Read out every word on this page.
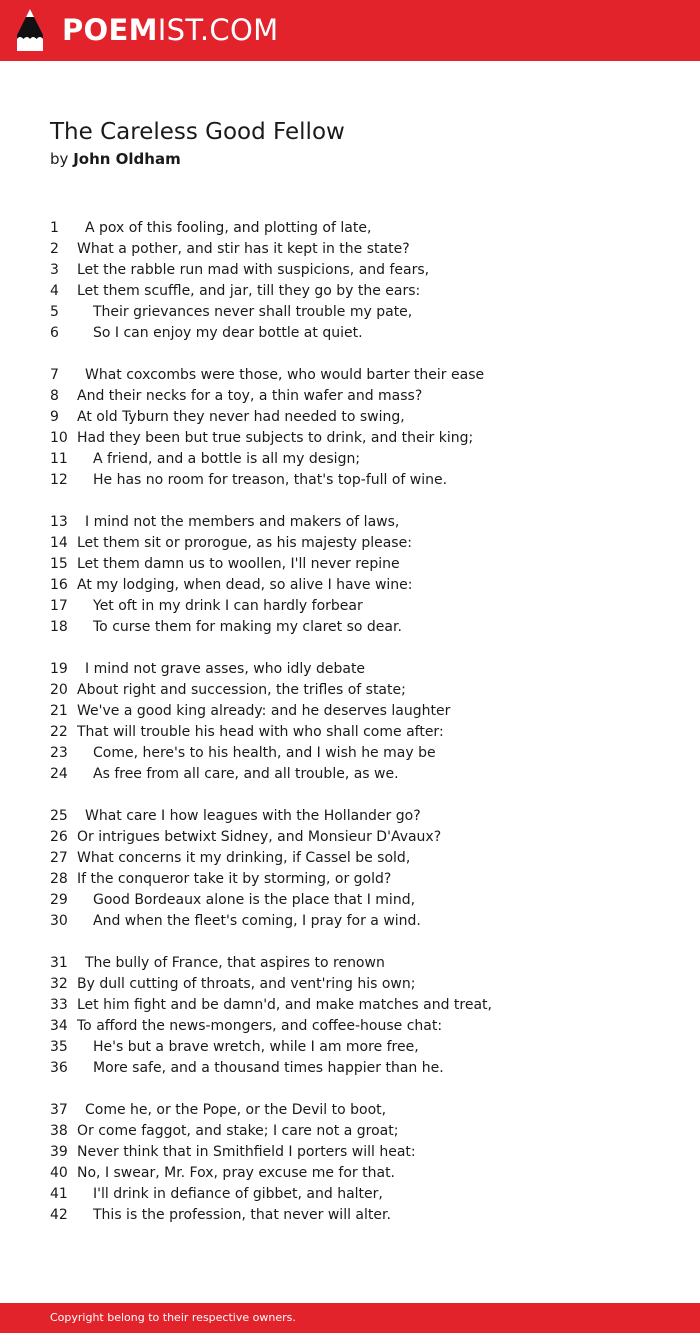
POEMIST.COM
The Careless Good Fellow
by John Oldham
1 A pox of this fooling, and plotting of late,
2 What a pother, and stir has it kept in the state?
3 Let the rabble run mad with suspicions, and fears,
4 Let them scuffle, and jar, till they go by the ears:
5 Their grievances never shall trouble my pate,
6 So I can enjoy my dear bottle at quiet.
7 What coxcombs were those, who would barter their ease
8 And their necks for a toy, a thin wafer and mass?
9 At old Tyburn they never had needed to swing,
10 Had they been but true subjects to drink, and their king;
11 A friend, and a bottle is all my design;
12 He has no room for treason, that's top-full of wine.
13 I mind not the members and makers of laws,
14 Let them sit or prorogue, as his majesty please:
15 Let them damn us to woollen, I'll never repine
16 At my lodging, when dead, so alive I have wine:
17 Yet oft in my drink I can hardly forbear
18 To curse them for making my claret so dear.
19 I mind not grave asses, who idly debate
20 About right and succession, the trifles of state;
21 We've a good king already: and he deserves laughter
22 That will trouble his head with who shall come after:
23 Come, here's to his health, and I wish he may be
24 As free from all care, and all trouble, as we.
25 What care I how leagues with the Hollander go?
26 Or intrigues betwixt Sidney, and Monsieur D'Avaux?
27 What concerns it my drinking, if Cassel be sold,
28 If the conqueror take it by storming, or gold?
29 Good Bordeaux alone is the place that I mind,
30 And when the fleet's coming, I pray for a wind.
31 The bully of France, that aspires to renown
32 By dull cutting of throats, and vent'ring his own;
33 Let him fight and be damn'd, and make matches and treat,
34 To afford the news-mongers, and coffee-house chat:
35 He's but a brave wretch, while I am more free,
36 More safe, and a thousand times happier than he.
37 Come he, or the Pope, or the Devil to boot,
38 Or come faggot, and stake; I care not a groat;
39 Never think that in Smithfield I porters will heat:
40 No, I swear, Mr. Fox, pray excuse me for that.
41 I'll drink in defiance of gibbet, and halter,
42 This is the profession, that never will alter.
Copyright belong to their respective owners.
